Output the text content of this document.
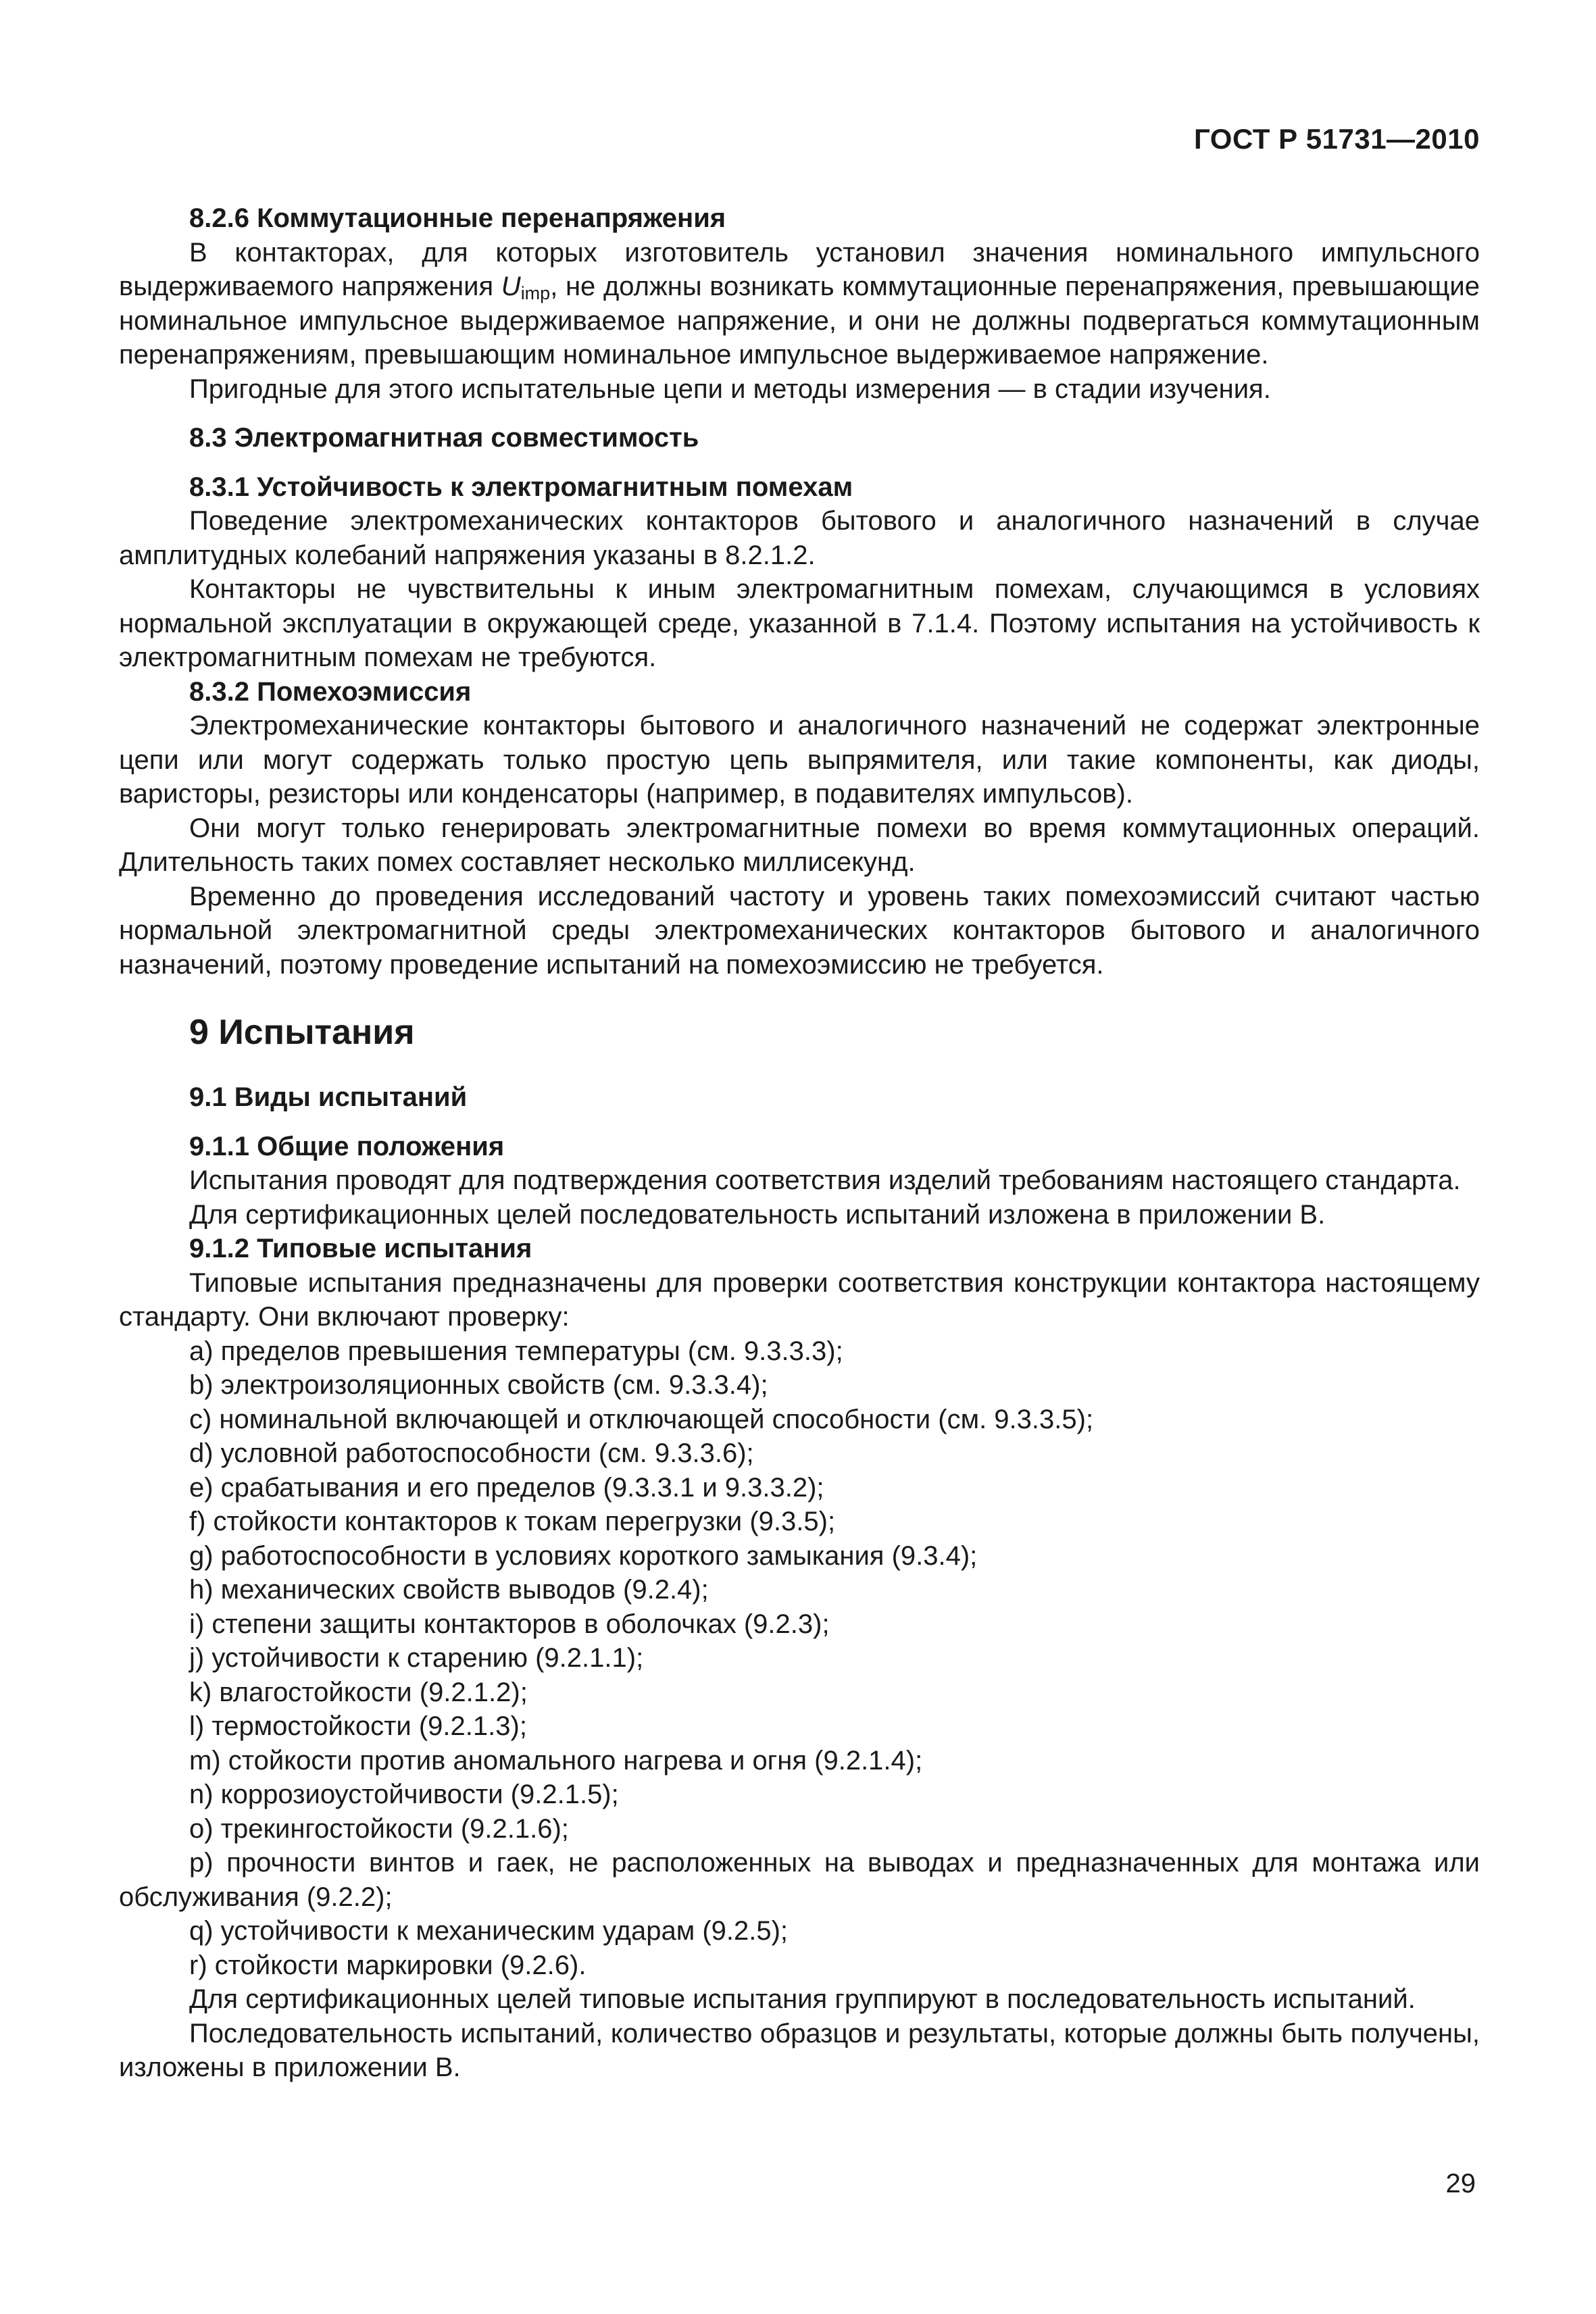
ГОСТ Р 51731—2010

8.2.6 Коммутационные перенапряжения

В контакторах, для которых изготовитель установил значения номинального импульсного выдерживаемого напряжения $U_{imp}$, не должны возникать коммутационные перенапряжения, превышающие номинальное импульсное выдерживаемое напряжение, и они не должны подвергаться коммутационным перенапряжениям, превышающим номинальное импульсное выдерживаемое напряжение.

Пригодные для этого испытательные цепи и методы измерения — в стадии изучения.

8.3 Электромагнитная совместимость

8.3.1 Устойчивость к электромагнитным помехам

Поведение электромеханических контакторов бытового и аналогичного назначений в случае амплитудных колебаний напряжения указаны в 8.2.1.2.

Контакторы не чувствительны к иным электромагнитным помехам, случающимся в условиях нормальной эксплуатации в окружающей среде, указанной в 7.1.4. Поэтому испытания на устойчивость к электромагнитным помехам не требуются.

8.3.2 Помехоэмиссия

Электромеханические контакторы бытового и аналогичного назначений не содержат электронные цепи или могут содержать только простую цепь выпрямителя, или такие компоненты, как диоды, варисторы, резисторы или конденсаторы (например, в подавителях импульсов).

Они могут только генерировать электромагнитные помехи во время коммутационных операций. Длительность таких помех составляет несколько миллисекунд.

Временно до проведения исследований частоту и уровень таких помехоэмиссий считают частью нормальной электромагнитной среды электромеханических контакторов бытового и аналогичного назначений, поэтому проведение испытаний на помехоэмиссию не требуется.

9 Испытания

9.1 Виды испытаний

9.1.1 Общие положения

Испытания проводят для подтверждения соответствия изделий требованиям настоящего стандарта.

Для сертификационных целей последовательность испытаний изложена в приложении В.

9.1.2 Типовые испытания

Типовые испытания предназначены для проверки соответствия конструкции контактора настоящему стандарту. Они включают проверку:

a) пределов превышения температуры (см. 9.3.3.3);

b) электроизоляционных свойств (см. 9.3.3.4);

c) номинальной включающей и отключающей способности (см. 9.3.3.5);

d) условной работоспособности (см. 9.3.3.6);

e) срабатывания и его пределов (9.3.3.1 и 9.3.3.2);

f) стойкости контакторов к токам перегрузки (9.3.5);

g) работоспособности в условиях короткого замыкания (9.3.4);

h) механических свойств выводов (9.2.4);

i) степени защиты контакторов в оболочках (9.2.3);

j) устойчивости к старению (9.2.1.1);

k) влагостойкости (9.2.1.2);

l) термостойкости (9.2.1.3);

m) стойкости против аномального нагрева и огня (9.2.1.4);

n) коррозиоустойчивости (9.2.1.5);

o) трекингостойкости (9.2.1.6);

p) прочности винтов и гаек, не расположенных на выводах и предназначенных для монтажа или обслуживания (9.2.2);

q) устойчивости к механическим ударам (9.2.5);

r) стойкости маркировки (9.2.6).

Для сертификационных целей типовые испытания группируют в последовательность испытаний.

Последовательность испытаний, количество образцов и результаты, которые должны быть получены, изложены в приложении В.

29
